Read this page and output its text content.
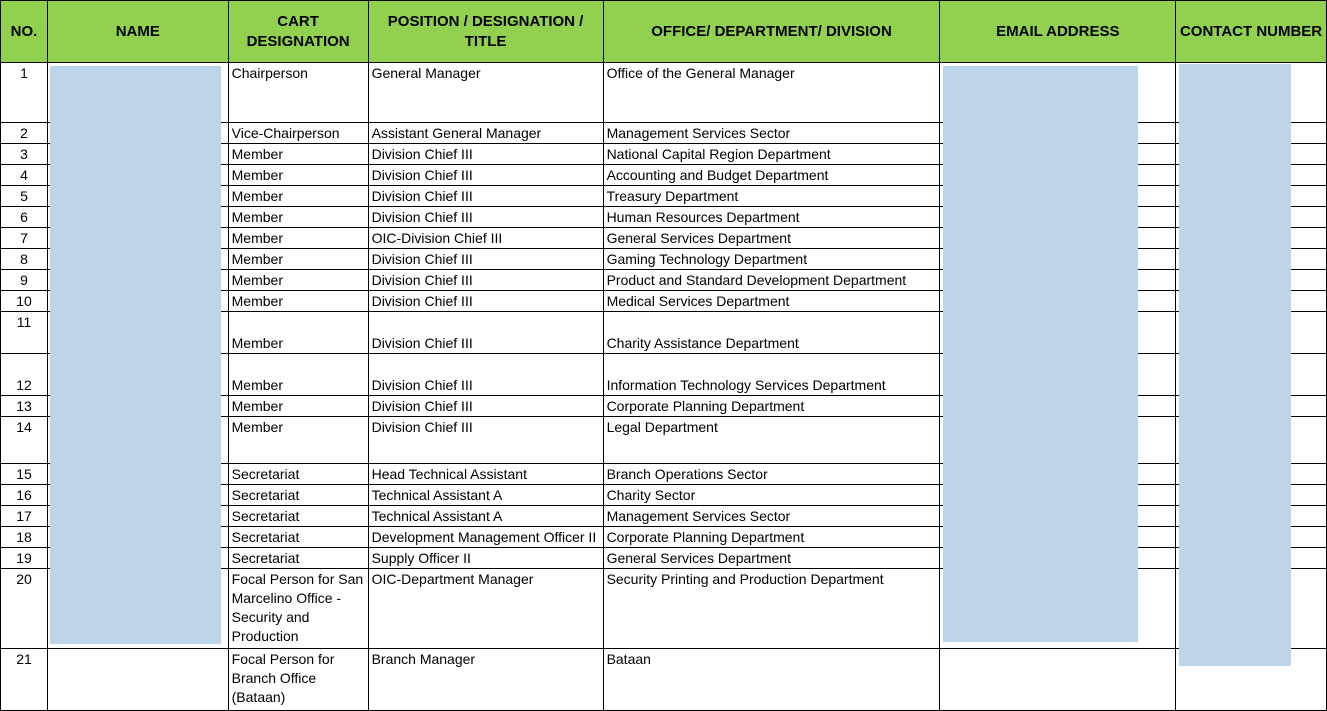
NO.	NAME	CART DESIGNATION	POSITION / DESIGNATION / TITLE	OFFICE/ DEPARTMENT/ DIVISION	EMAIL ADDRESS	CONTACT NUMBER
1		Chairperson	General Manager	Office of the General Manager		
2		Vice-Chairperson	Assistant General Manager	Management Services Sector		
3		Member	Division Chief III	National Capital Region Department		
4		Member	Division Chief III	Accounting and Budget Department		
5		Member	Division Chief III	Treasury Department		
6		Member	Division Chief III	Human Resources Department		
7		Member	OIC-Division Chief III	General Services Department		
8		Member	Division Chief III	Gaming Technology Department		
9		Member	Division Chief III	Product and Standard Development Department		
10		Member	Division Chief III	Medical Services Department		
11		Member	Division Chief III	Charity Assistance Department		
12		Member	Division Chief III	Information Technology Services Department		
13		Member	Division Chief III	Corporate Planning Department		
14		Member	Division Chief III	Legal Department		
15		Secretariat	Head Technical Assistant	Branch Operations Sector		
16		Secretariat	Technical Assistant A	Charity Sector		
17		Secretariat	Technical Assistant A	Management Services Sector		
18		Secretariat	Development Management Officer II	Corporate Planning Department		
19		Secretariat	Supply Officer II	General Services Department		
20		Focal Person for San Marcelino Office - Security and Production	OIC-Department Manager	Security Printing and Production Department		
21		Focal Person for Branch Office (Bataan)	Branch Manager	Bataan		
